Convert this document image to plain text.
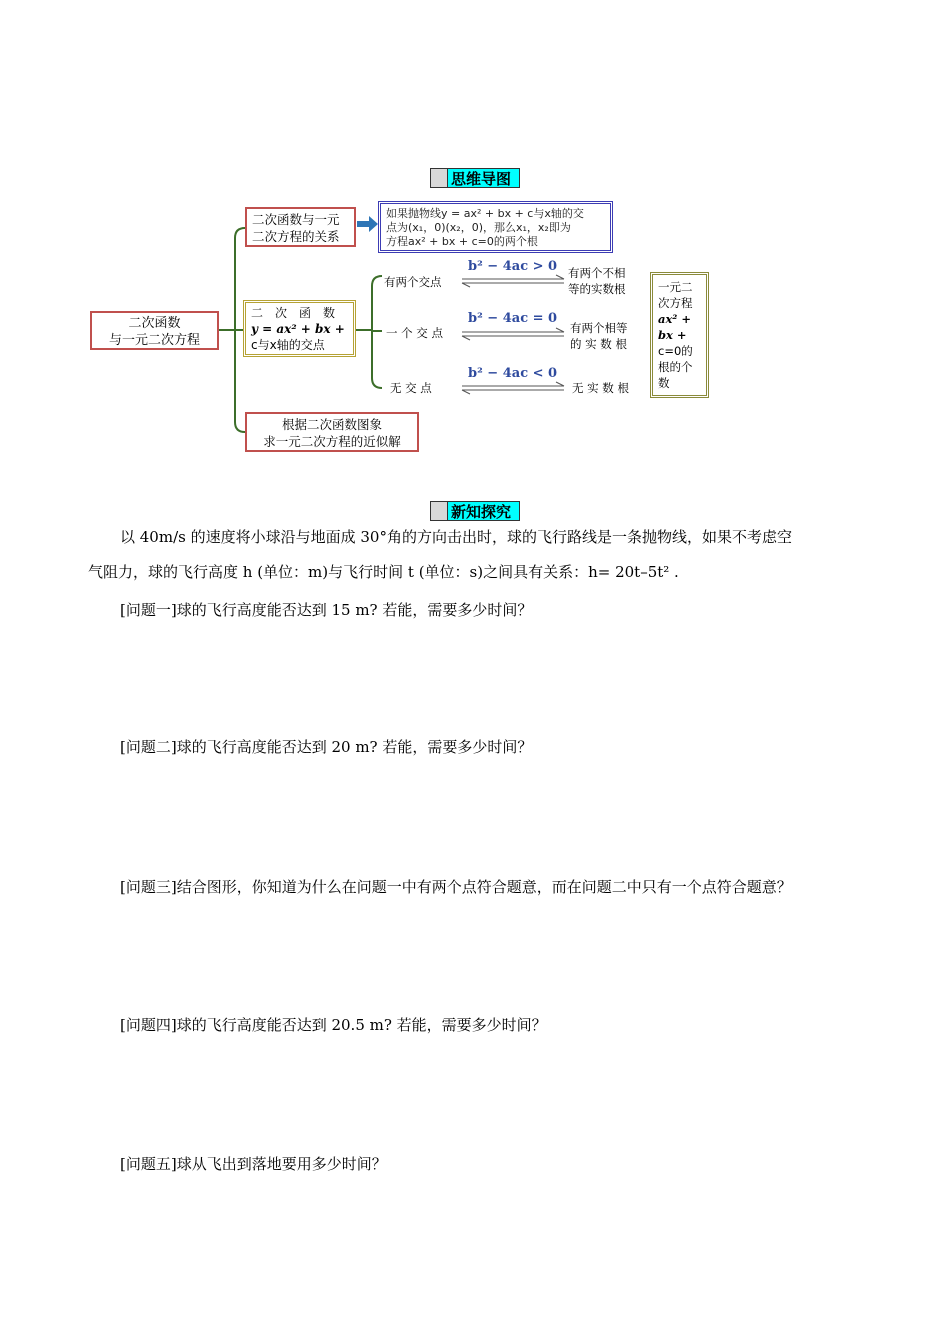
思维导图
二次函数
与一元二次方程
二次函数与一元
二次方程的关系
如果抛物线y = ax² + bx + c与x轴的交
点为(x₁，0)(x₂，0)，那么x₁，x₂即为
方程ax² + bx + c=0的两个根
二　次　函　数
y = ax² + bx +
c与x轴的交点
有两个交点
b² − 4ac > 0 有两个不相
等的实数根
一 个 交 点
b² − 4ac = 0
有两个相等
的 实 数 根
无 交 点
b² − 4ac < 0
无 实 数 根
一元二
次方程
ax² +
bx +
c=0的
根的个
数
根据二次函数图象
求一元二次方程的近似解
新知探究
以 40m/s 的速度将小球沿与地面成 30°角的方向击出时，球的飞行路线是一条抛物线，如果不考虑空
气阻力，球的飞行高度 h (单位：m)与飞行时间 t (单位：s)之间具有关系：h= 20t–5t² .
[问题一]球的飞行高度能否达到 15 m? 若能，需要多少时间？
[问题二]球的飞行高度能否达到 20 m? 若能，需要多少时间？
[问题三]结合图形，你知道为什么在问题一中有两个点符合题意，而在问题二中只有一个点符合题意？
[问题四]球的飞行高度能否达到 20.5 m? 若能，需要多少时间？
[问题五]球从飞出到落地要用多少时间？
